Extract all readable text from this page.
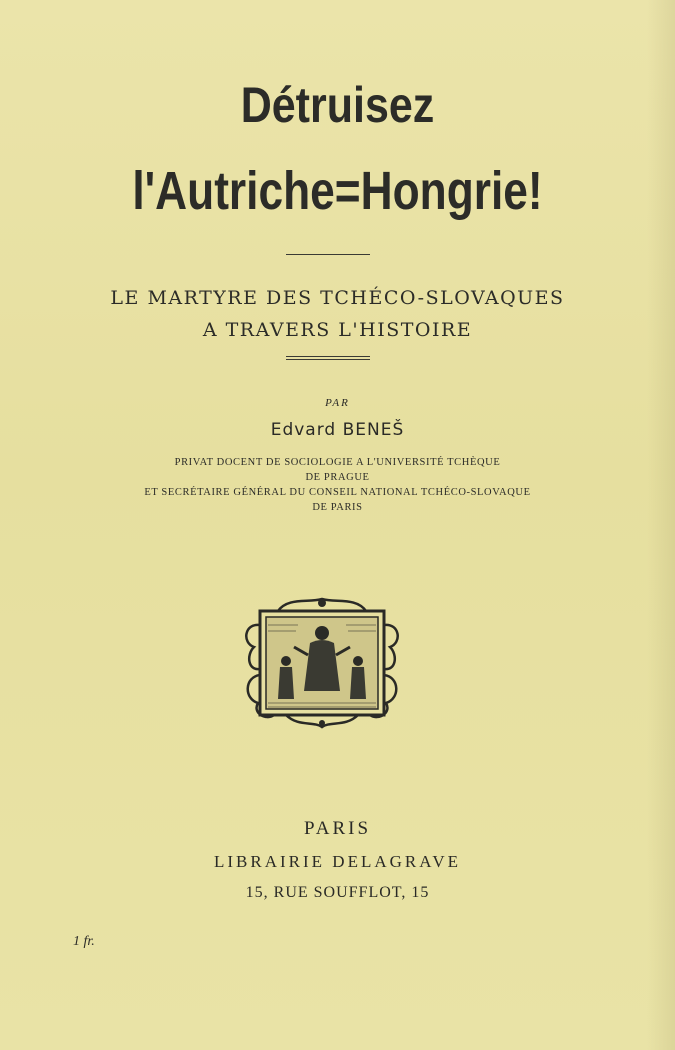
Détruisez
l'Autriche=Hongrie!
LE MARTYRE DES TCHÉCO-SLOVAQUES
A TRAVERS L'HISTOIRE
PAR
Edvard BENEŠ
PRIVAT DOCENT DE SOCIOLOGIE A L'UNIVERSITÉ TCHÈQUE
DE PRAGUE
ET SECRÉTAIRE GÉNÉRAL DU CONSEIL NATIONAL TCHÉCO-SLOVAQUE
DE PARIS
PARIS
LIBRAIRIE DELAGRAVE
15, RUE SOUFFLOT, 15
1 fr.
